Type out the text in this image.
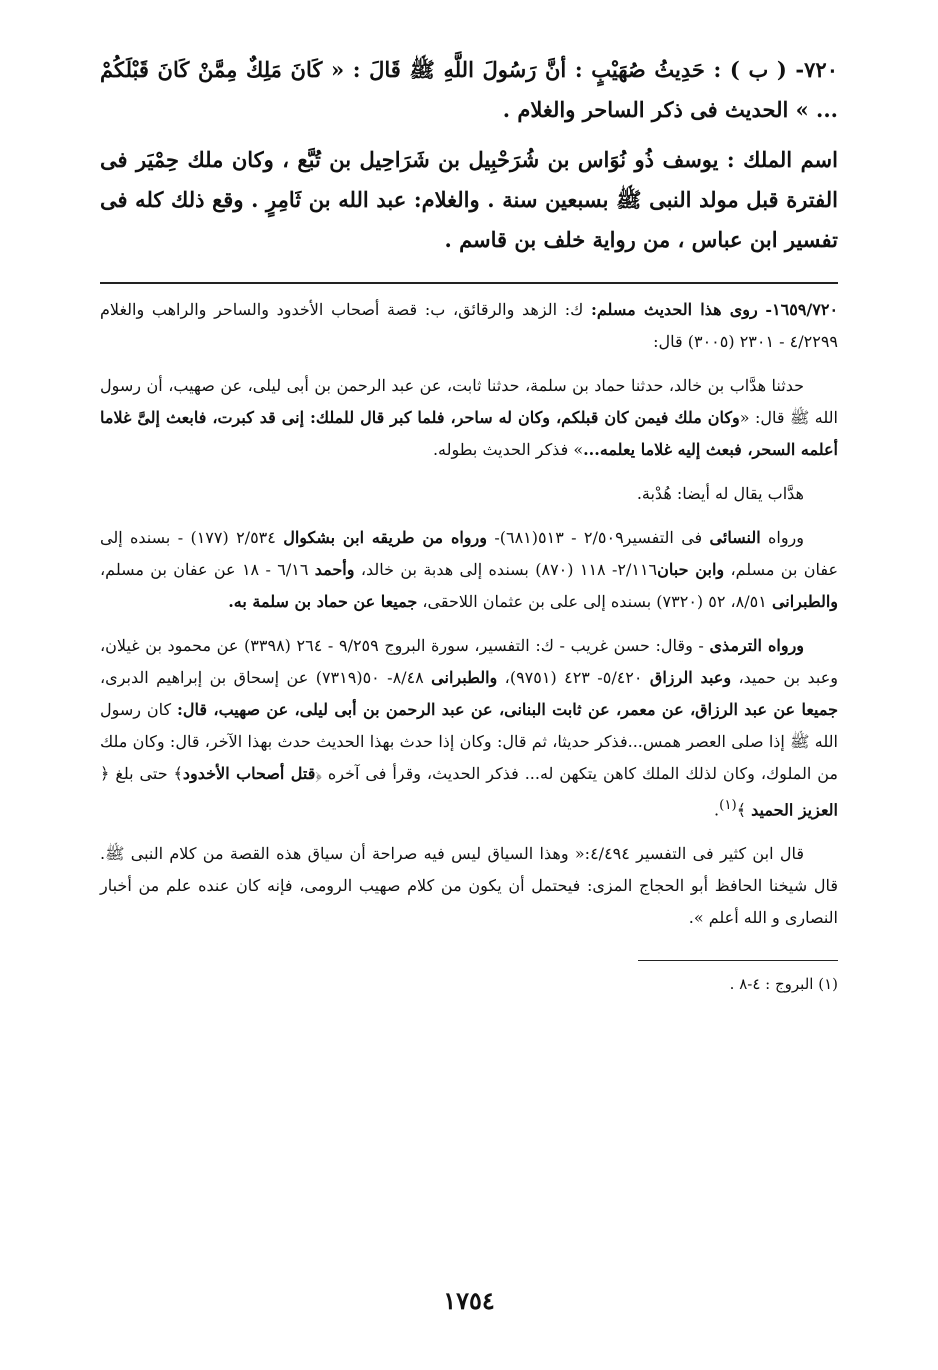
٧٢٠- ( ب ) : حَدِيثُ صُهَيْبٍ : أنَّ رَسُولَ اللَّهِ ﷺ قَالَ : « كَانَ مَلِكٌ مِمَّنْ كَانَ قَبْلَكُمْ ... » الحديث فى ذكر الساحر والغلام .

اسم الملك : يوسف ذُو نُوَاس بن شُرَحْبِيل بن شَرَاحِيل بن تُبَّع ، وكان ملك حِمْيَر فى الفترة قبل مولد النبى ﷺ بسبعين سنة . والغلام: عبد الله بن ثَامِرٍ . وقع ذلك كله فى تفسير ابن عباس ، من رواية خلف بن قاسم .

١٦٥٩/٧٢٠- روى هذا الحديث مسلم: ك: الزهد والرقائق، ب: قصة أصحاب الأخدود والساحر والراهب والغلام ٤/٢٢٩٩ - ٢٣٠١ (٣٠٠٥) قال:

حدثنا هدَّاب بن خالد، حدثنا حماد بن سلمة، حدثنا ثابت، عن عبد الرحمن بن أبى ليلى، عن صهيب، أن رسول الله ﷺ قال: «وكان ملك فيمن كان قبلكم، وكان له ساحر، فلما كبر قال للملك: إنى قد كبرت، فابعث إلىَّ غلاما أعلمه السحر، فبعث إليه غلاما يعلمه...» فذكر الحديث بطوله.

هدَّاب يقال له أيضا: هُدْبة.

ورواه النسائى فى التفسير٢/٥٠٩ - ٥١٣(٦٨١)- ورواه من طريقه ابن بشكوال ٢/٥٣٤ (١٧٧) - بسنده إلى عفان بن مسلم، وابن حبان٢/١١٦- ١١٨ (٨٧٠) بسنده إلى هدبة بن خالد، وأحمد ٦/١٦ - ١٨ عن عفان بن مسلم، والطبرانى ٨/٥١، ٥٢ (٧٣٢٠) بسنده إلى على بن عثمان اللاحقى، جميعا عن حماد بن سلمة به.

ورواه الترمذى - وقال: حسن غريب - ك: التفسير، سورة البروج ٩/٢٥٩ - ٢٦٤ (٣٣٩٨) عن محمود بن غيلان، وعبد بن حميد، وعبد الرزاق ٥/٤٢٠- ٤٢٣ (٩٧٥١)، والطبرانى ٨/٤٨- ٥٠(٧٣١٩) عن إسحاق بن إبراهيم الدبرى، جميعا عن عبد الرزاق، عن معمر، عن ثابت البنانى، عن عبد الرحمن بن أبى ليلى، عن صهيب، قال: كان رسول الله ﷺ إذا صلى العصر همس...فذكر حديثا، ثم قال: وكان إذا حدث بهذا الحديث حدث بهذا الآخر، قال: وكان ملك من الملوك، وكان لذلك الملك كاهن يتكهن له... فذكر الحديث، وقرأ فى آخره ﴿قتل أصحاب الأخدود﴾ حتى بلغ ﴿ العزيز الحميد ﴾$^{(١)}$.

قال ابن كثير فى التفسير ٤/٤٩٤:« وهذا السياق ليس فيه صراحة أن سياق هذه القصة من كلام النبى ﷺ. قال شيخنا الحافظ أبو الحجاج المزى: فيحتمل أن يكون من كلام صهيب الرومى، فإنه كان عنده علم من أخبار النصارى و الله أعلم ».

(١) البروج : ٤-٨ .

١٧٥٤
